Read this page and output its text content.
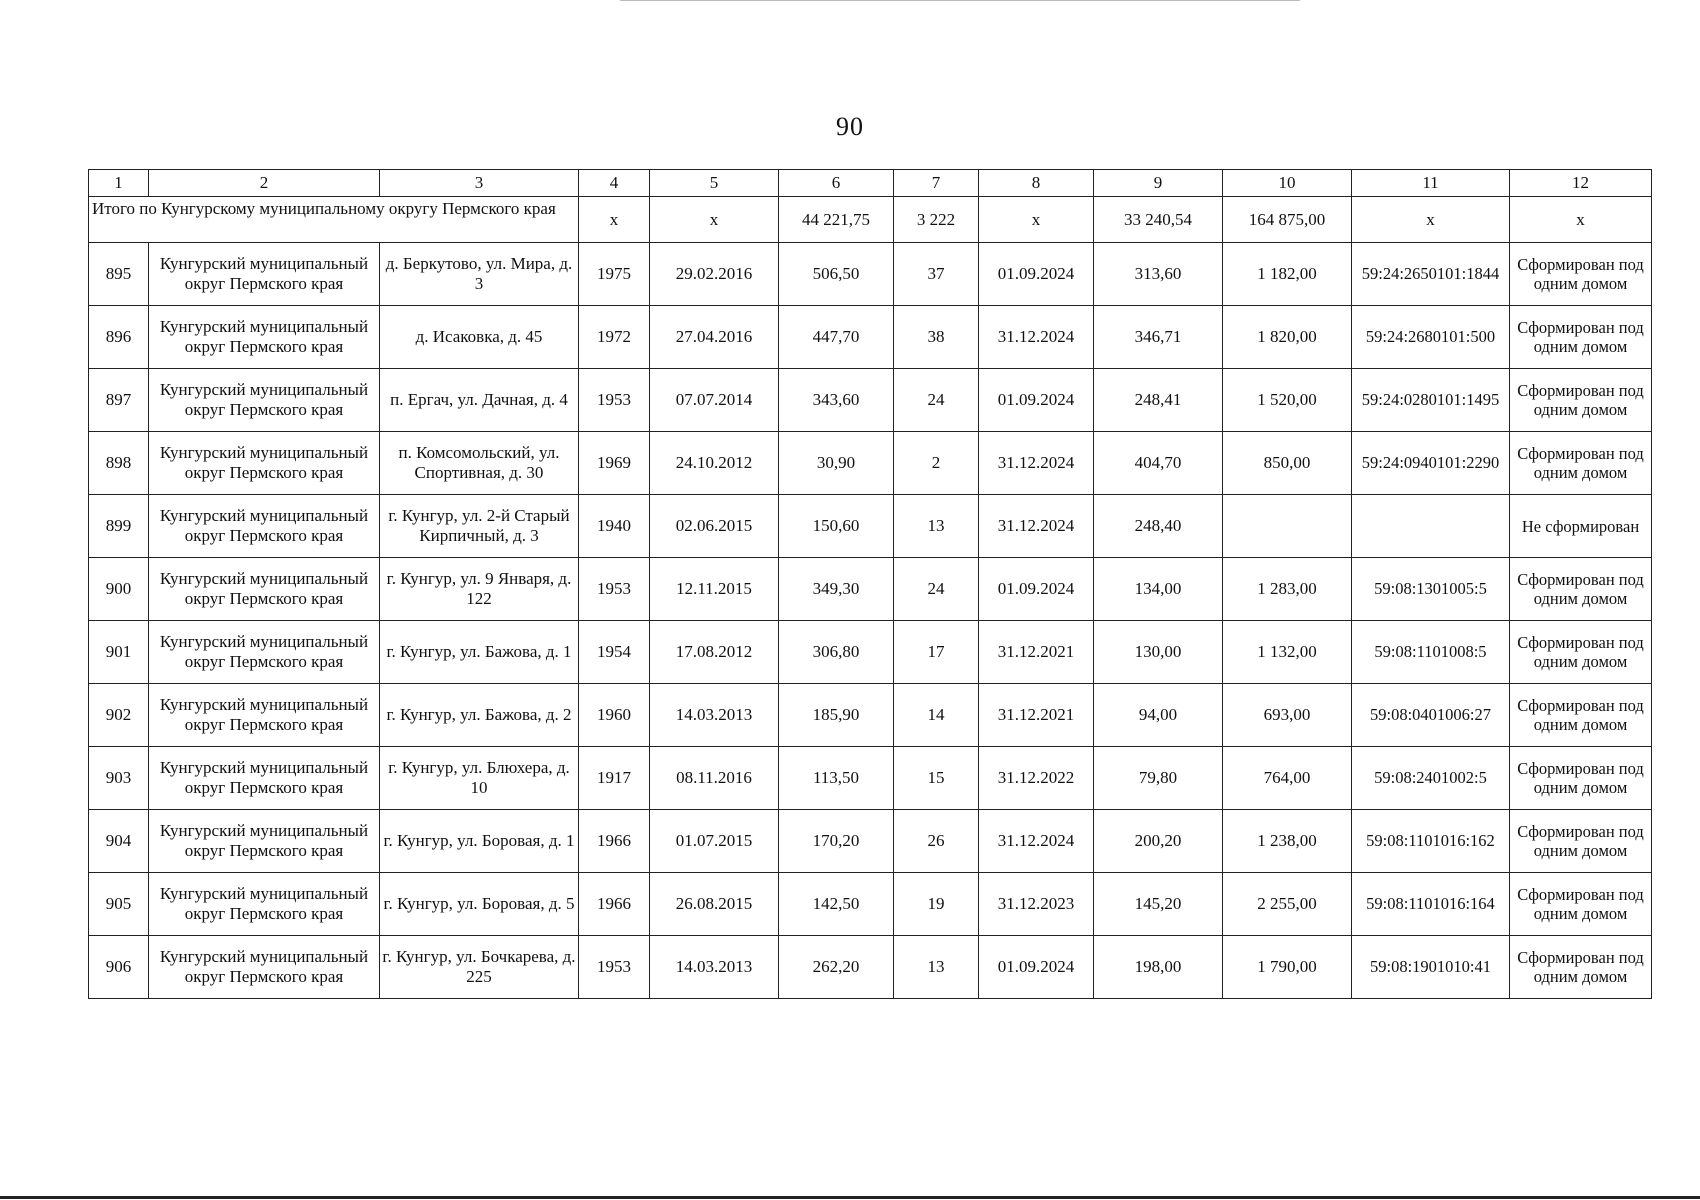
90
1	2	3	4	5	6	7	8	9	10	11	12
Итого по Кунгурскому муниципальному округу Пермского края			x	x	44 221,75	3 222	x	33 240,54	164 875,00	x	x
895	Кунгурский муниципальный округ Пермского края	д. Беркутово, ул. Мира, д. 3	1975	29.02.2016	506,50	37	01.09.2024	313,60	1 182,00	59:24:2650101:1844	Сформирован под одним домом
896	Кунгурский муниципальный округ Пермского края	д. Исаковка, д. 45	1972	27.04.2016	447,70	38	31.12.2024	346,71	1 820,00	59:24:2680101:500	Сформирован под одним домом
897	Кунгурский муниципальный округ Пермского края	п. Ергач, ул. Дачная, д. 4	1953	07.07.2014	343,60	24	01.09.2024	248,41	1 520,00	59:24:0280101:1495	Сформирован под одним домом
898	Кунгурский муниципальный округ Пермского края	п. Комсомольский, ул. Спортивная, д. 30	1969	24.10.2012	30,90	2	31.12.2024	404,70	850,00	59:24:0940101:2290	Сформирован под одним домом
899	Кунгурский муниципальный округ Пермского края	г. Кунгур, ул. 2-й Старый Кирпичный, д. 3	1940	02.06.2015	150,60	13	31.12.2024	248,40			Не сформирован
900	Кунгурский муниципальный округ Пермского края	г. Кунгур, ул. 9 Января, д. 122	1953	12.11.2015	349,30	24	01.09.2024	134,00	1 283,00	59:08:1301005:5	Сформирован под одним домом
901	Кунгурский муниципальный округ Пермского края	г. Кунгур, ул. Бажова, д. 1	1954	17.08.2012	306,80	17	31.12.2021	130,00	1 132,00	59:08:1101008:5	Сформирован под одним домом
902	Кунгурский муниципальный округ Пермского края	г. Кунгур, ул. Бажова, д. 2	1960	14.03.2013	185,90	14	31.12.2021	94,00	693,00	59:08:0401006:27	Сформирован под одним домом
903	Кунгурский муниципальный округ Пермского края	г. Кунгур, ул. Блюхера, д. 10	1917	08.11.2016	113,50	15	31.12.2022	79,80	764,00	59:08:2401002:5	Сформирован под одним домом
904	Кунгурский муниципальный округ Пермского края	г. Кунгур, ул. Боровая, д. 1	1966	01.07.2015	170,20	26	31.12.2024	200,20	1 238,00	59:08:1101016:162	Сформирован под одним домом
905	Кунгурский муниципальный округ Пермского края	г. Кунгур, ул. Боровая, д. 5	1966	26.08.2015	142,50	19	31.12.2023	145,20	2 255,00	59:08:1101016:164	Сформирован под одним домом
906	Кунгурский муниципальный округ Пермского края	г. Кунгур, ул. Бочкарева, д. 225	1953	14.03.2013	262,20	13	01.09.2024	198,00	1 790,00	59:08:1901010:41	Сформирован под одним домом
